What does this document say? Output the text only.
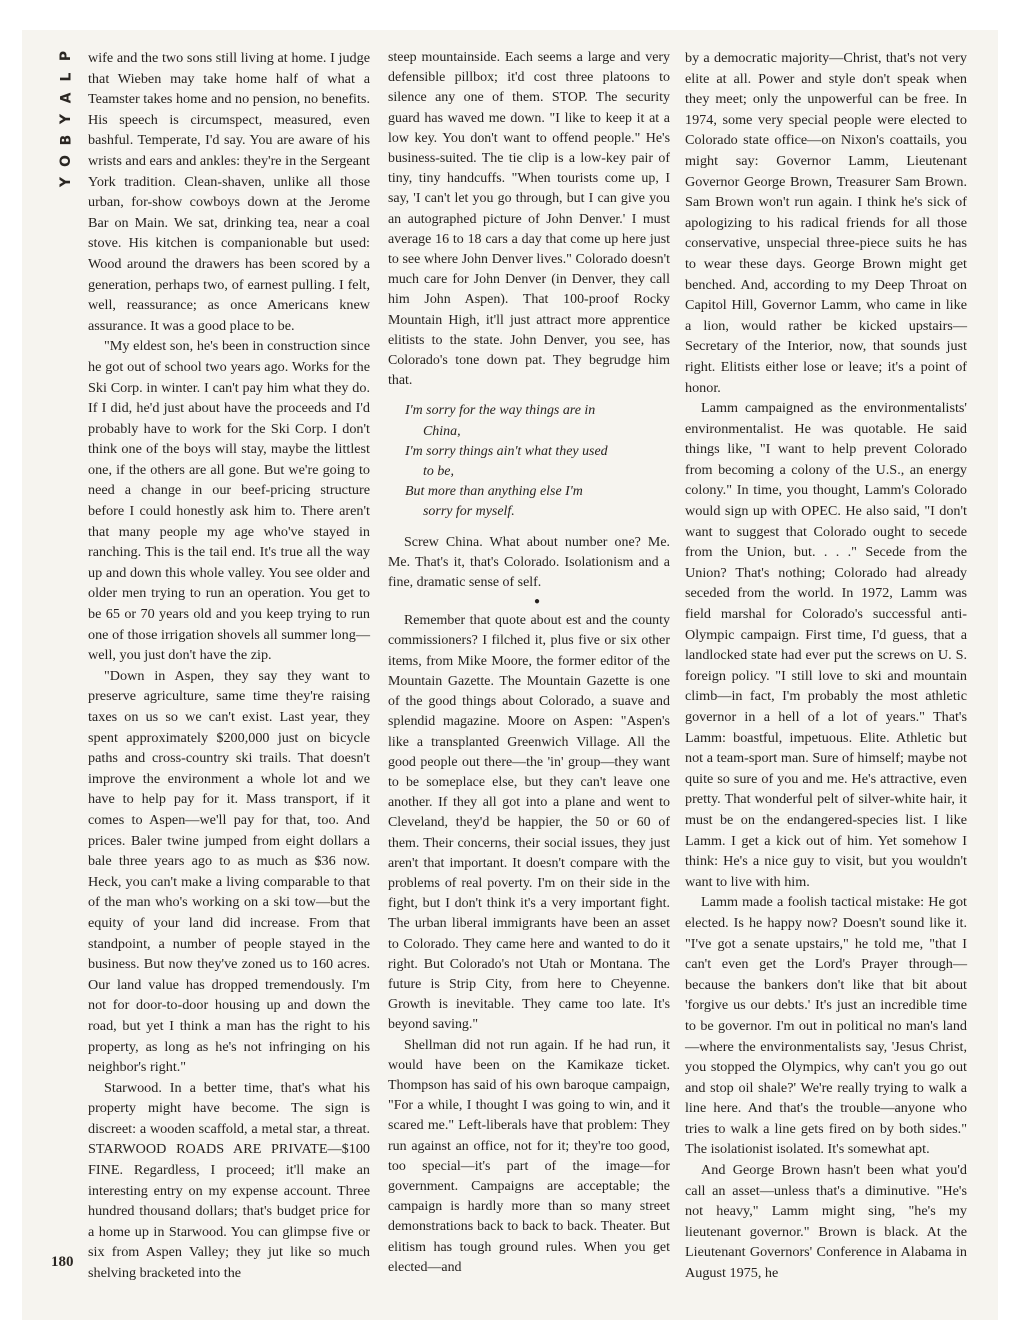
P
L
A
Y
B
O
Y

wife and the two sons still living at home. I judge that Wieben may take home half of what a Teamster takes home and no pension, no benefits. His speech is circumspect, measured, even bashful. Temperate, I'd say. You are aware of his wrists and ears and ankles: they're in the Sergeant York tradition. Clean-shaven, unlike all those urban, for-show cowboys down at the Jerome Bar on Main. We sat, drinking tea, near a coal stove. His kitchen is companionable but used: Wood around the drawers has been scored by a generation, perhaps two, of earnest pulling. I felt, well, reassurance; as once Americans knew assurance. It was a good place to be.

"My eldest son, he's been in construction since he got out of school two years ago. Works for the Ski Corp. in winter. I can't pay him what they do. If I did, he'd just about have the proceeds and I'd probably have to work for the Ski Corp. I don't think one of the boys will stay, maybe the littlest one, if the others are all gone. But we're going to need a change in our beef-pricing structure before I could honestly ask him to. There aren't that many people my age who've stayed in ranching. This is the tail end. It's true all the way up and down this whole valley. You see older and older men trying to run an operation. You get to be 65 or 70 years old and you keep trying to run one of those irrigation shovels all summer long—well, you just don't have the zip.

"Down in Aspen, they say they want to preserve agriculture, same time they're raising taxes on us so we can't exist. Last year, they spent approximately $200,000 just on bicycle paths and cross-country ski trails. That doesn't improve the environment a whole lot and we have to help pay for it. Mass transport, if it comes to Aspen—we'll pay for that, too. And prices. Baler twine jumped from eight dollars a bale three years ago to as much as $36 now. Heck, you can't make a living comparable to that of the man who's working on a ski tow—but the equity of your land did increase. From that standpoint, a number of people stayed in the business. But now they've zoned us to 160 acres. Our land value has dropped tremendously. I'm not for door-to-door housing up and down the road, but yet I think a man has the right to his property, as long as he's not infringing on his neighbor's right."

Starwood. In a better time, that's what his property might have become. The sign is discreet: a wooden scaffold, a metal star, a threat. STARWOOD ROADS ARE PRIVATE—$100 FINE. Regardless, I proceed; it'll make an interesting entry on my expense account. Three hundred thousand dollars; that's budget price for a home up in Starwood. You can glimpse five or six from Aspen Valley; they jut like so much shelving bracketed into the

steep mountainside. Each seems a large and very defensible pillbox; it'd cost three platoons to silence any one of them. STOP. The security guard has waved me down. "I like to keep it at a low key. You don't want to offend people." He's business-suited. The tie clip is a low-key pair of tiny, tiny handcuffs. "When tourists come up, I say, 'I can't let you go through, but I can give you an autographed picture of John Denver.' I must average 16 to 18 cars a day that come up here just to see where John Denver lives." Colorado doesn't much care for John Denver (in Denver, they call him John Aspen). That 100-proof Rocky Mountain High, it'll just attract more apprentice elitists to the state. John Denver, you see, has Colorado's tone down pat. They begrudge him that.

I'm sorry for the way things are in
China,

I'm sorry things ain't what they used
to be,

But more than anything else I'm
sorry for myself.

Screw China. What about number one? Me. Me. That's it, that's Colorado. Isolationism and a fine, dramatic sense of self.

●

Remember that quote about est and the county commissioners? I filched it, plus five or six other items, from Mike Moore, the former editor of the Mountain Gazette. The Mountain Gazette is one of the good things about Colorado, a suave and splendid magazine. Moore on Aspen: "Aspen's like a transplanted Greenwich Village. All the good people out there—the 'in' group—they want to be someplace else, but they can't leave one another. If they all got into a plane and went to Cleveland, they'd be happier, the 50 or 60 of them. Their concerns, their social issues, they just aren't that important. It doesn't compare with the problems of real poverty. I'm on their side in the fight, but I don't think it's a very important fight. The urban liberal immigrants have been an asset to Colorado. They came here and wanted to do it right. But Colorado's not Utah or Montana. The future is Strip City, from here to Cheyenne. Growth is inevitable. They came too late. It's beyond saving."

Shellman did not run again. If he had run, it would have been on the Kamikaze ticket. Thompson has said of his own baroque campaign, "For a while, I thought I was going to win, and it scared me." Left-liberals have that problem: They run against an office, not for it; they're too good, too special—it's part of the image—for government. Campaigns are acceptable; the campaign is hardly more than so many street demonstrations back to back to back. Theater. But elitism has tough ground rules. When you get elected—and

by a democratic majority—Christ, that's not very elite at all. Power and style don't speak when they meet; only the unpowerful can be free. In 1974, some very special people were elected to Colorado state office—on Nixon's coattails, you might say: Governor Lamm, Lieutenant Governor George Brown, Treasurer Sam Brown. Sam Brown won't run again. I think he's sick of apologizing to his radical friends for all those conservative, unspecial three-piece suits he has to wear these days. George Brown might get benched. And, according to my Deep Throat on Capitol Hill, Governor Lamm, who came in like a lion, would rather be kicked upstairs—Secretary of the Interior, now, that sounds just right. Elitists either lose or leave; it's a point of honor.

Lamm campaigned as the environmentalists' environmentalist. He was quotable. He said things like, "I want to help prevent Colorado from becoming a colony of the U.S., an energy colony." In time, you thought, Lamm's Colorado would sign up with OPEC. He also said, "I don't want to suggest that Colorado ought to secede from the Union, but. . . ." Secede from the Union? That's nothing; Colorado had already seceded from the world. In 1972, Lamm was field marshal for Colorado's successful anti-Olympic campaign. First time, I'd guess, that a landlocked state had ever put the screws on U. S. foreign policy. "I still love to ski and mountain climb—in fact, I'm probably the most athletic governor in a hell of a lot of years." That's Lamm: boastful, impetuous. Elite. Athletic but not a team-sport man. Sure of himself; maybe not quite so sure of you and me. He's attractive, even pretty. That wonderful pelt of silver-white hair, it must be on the endangered-species list. I like Lamm. I get a kick out of him. Yet somehow I think: He's a nice guy to visit, but you wouldn't want to live with him.

Lamm made a foolish tactical mistake: He got elected. Is he happy now? Doesn't sound like it. "I've got a senate upstairs," he told me, "that I can't even get the Lord's Prayer through—because the bankers don't like that bit about 'forgive us our debts.' It's just an incredible time to be governor. I'm out in political no man's land—where the environmentalists say, 'Jesus Christ, you stopped the Olympics, why can't you go out and stop oil shale?' We're really trying to walk a line here. And that's the trouble—anyone who tries to walk a line gets fired on by both sides." The isolationist isolated. It's somewhat apt.

And George Brown hasn't been what you'd call an asset—unless that's a diminutive. "He's not heavy," Lamm might sing, "he's my lieutenant governor." Brown is black. At the Lieutenant Governors' Conference in Alabama in August 1975, he

180
